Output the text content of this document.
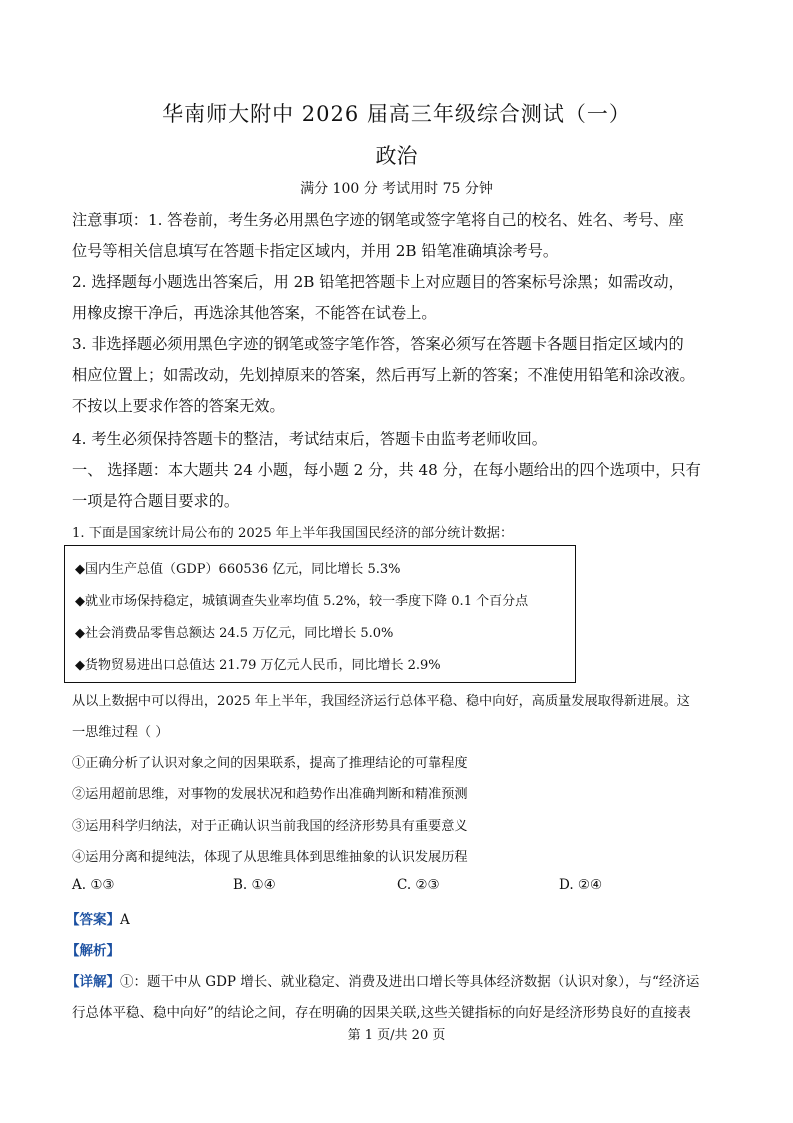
华南师大附中 2026 届高三年级综合测试（一）
政治
满分 100 分 考试用时 75 分钟
注意事项：1. 答卷前，考生务必用黑色字迹的钢笔或签字笔将自己的校名、姓名、考号、座
位号等相关信息填写在答题卡指定区域内，并用 2B 铅笔准确填涂考号。
2. 选择题每小题选出答案后，用 2B 铅笔把答题卡上对应题目的答案标号涂黑；如需改动，
用橡皮擦干净后，再选涂其他答案，不能答在试卷上。
3. 非选择题必须用黑色字迹的钢笔或签字笔作答，答案必须写在答题卡各题目指定区域内的
相应位置上；如需改动，先划掉原来的答案，然后再写上新的答案；不准使用铅笔和涂改液。
不按以上要求作答的答案无效。
4. 考生必须保持答题卡的整洁，考试结束后，答题卡由监考老师收回。
一、 选择题：本大题共 24 小题，每小题 2 分，共 48 分，在每小题给出的四个选项中，只有
一项是符合题目要求的。
1. 下面是国家统计局公布的 2025 年上半年我国国民经济的部分统计数据：
◆国内生产总值（GDP）660536 亿元，同比增长 5.3%
◆就业市场保持稳定，城镇调查失业率均值 5.2%，较一季度下降 0.1 个百分点
◆社会消费品零售总额达 24.5 万亿元，同比增长 5.0%
◆货物贸易进出口总值达 21.79 万亿元人民币，同比增长 2.9%
从以上数据中可以得出，2025 年上半年，我国经济运行总体平稳、稳中向好，高质量发展取得新进展。这
一思维过程（ ）
①正确分析了认识对象之间的因果联系，提高了推理结论的可靠程度
②运用超前思维，对事物的发展状况和趋势作出准确判断和精准预测
③运用科学归纳法，对于正确认识当前我国的经济形势具有重要意义
④运用分离和提纯法，体现了从思维具体到思维抽象的认识发展历程
A. ①③	B. ①④	C. ②③	D. ②④
【答案】A
【解析】
【详解】①：题干中从 GDP 增长、就业稳定、消费及进出口增长等具体经济数据（认识对象），与“经济运
行总体平稳、稳中向好”的结论之间，存在明确的因果关联,这些关键指标的向好是经济形势良好的直接表
第 1 页/共 20 页
